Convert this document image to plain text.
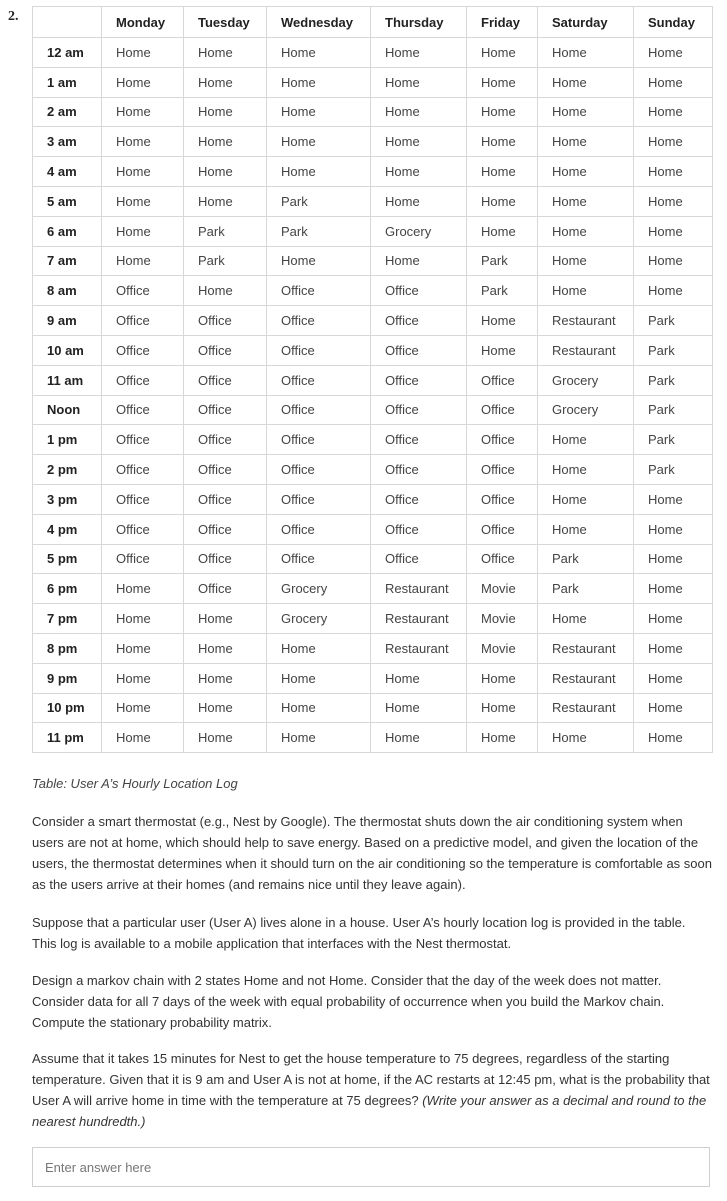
2.
		Monday	Tuesday	Wednesday	Thursday	Friday	Saturday	Sunday
12 am	Home	Home	Home	Home	Home	Home	Home
1 am	Home	Home	Home	Home	Home	Home	Home
2 am	Home	Home	Home	Home	Home	Home	Home
3 am	Home	Home	Home	Home	Home	Home	Home
4 am	Home	Home	Home	Home	Home	Home	Home
5 am	Home	Home	Park	Home	Home	Home	Home
6 am	Home	Park	Park	Grocery	Home	Home	Home
7 am	Home	Park	Home	Home	Park	Home	Home
8 am	Office	Home	Office	Office	Park	Home	Home
9 am	Office	Office	Office	Office	Home	Restaurant	Park
10 am	Office	Office	Office	Office	Home	Restaurant	Park
11 am	Office	Office	Office	Office	Office	Grocery	Park
Noon	Office	Office	Office	Office	Office	Grocery	Park
1 pm	Office	Office	Office	Office	Office	Home	Park
2 pm	Office	Office	Office	Office	Office	Home	Park
3 pm	Office	Office	Office	Office	Office	Home	Home
4 pm	Office	Office	Office	Office	Office	Home	Home
5 pm	Office	Office	Office	Office	Office	Park	Home
6 pm	Home	Office	Grocery	Restaurant	Movie	Park	Home
7 pm	Home	Home	Grocery	Restaurant	Movie	Home	Home
8 pm	Home	Home	Home	Restaurant	Movie	Restaurant	Home
9 pm	Home	Home	Home	Home	Home	Restaurant	Home
10 pm	Home	Home	Home	Home	Home	Restaurant	Home
11 pm	Home	Home	Home	Home	Home	Home	Home
Table: User A’s Hourly Location Log

Consider a smart thermostat (e.g., Nest by Google). The thermostat shuts down the air conditioning system when users are not at home, which should help to save energy. Based on a predictive model, and given the location of the users, the thermostat determines when it should turn on the air conditioning so the temperature is comfortable as soon as the users arrive at their homes (and remains nice until they leave again).

Suppose that a particular user (User A) lives alone in a house. User A’s hourly location log is provided in the table. This log is available to a mobile application that interfaces with the Nest thermostat.

Design a markov chain with 2 states Home and not Home. Consider that the day of the week does not matter. Consider data for all 7 days of the week with equal probability of occurrence when you build the Markov chain. Compute the stationary probability matrix.

Assume that it takes 15 minutes for Nest to get the house temperature to 75 degrees, regardless of the starting temperature. Given that it is 9 am and User A is not at home, if the AC restarts at 12:45 pm, what is the probability that User A will arrive home in time with the temperature at 75 degrees? (Write your answer as a decimal and round to the nearest hundredth.)

Enter answer here
